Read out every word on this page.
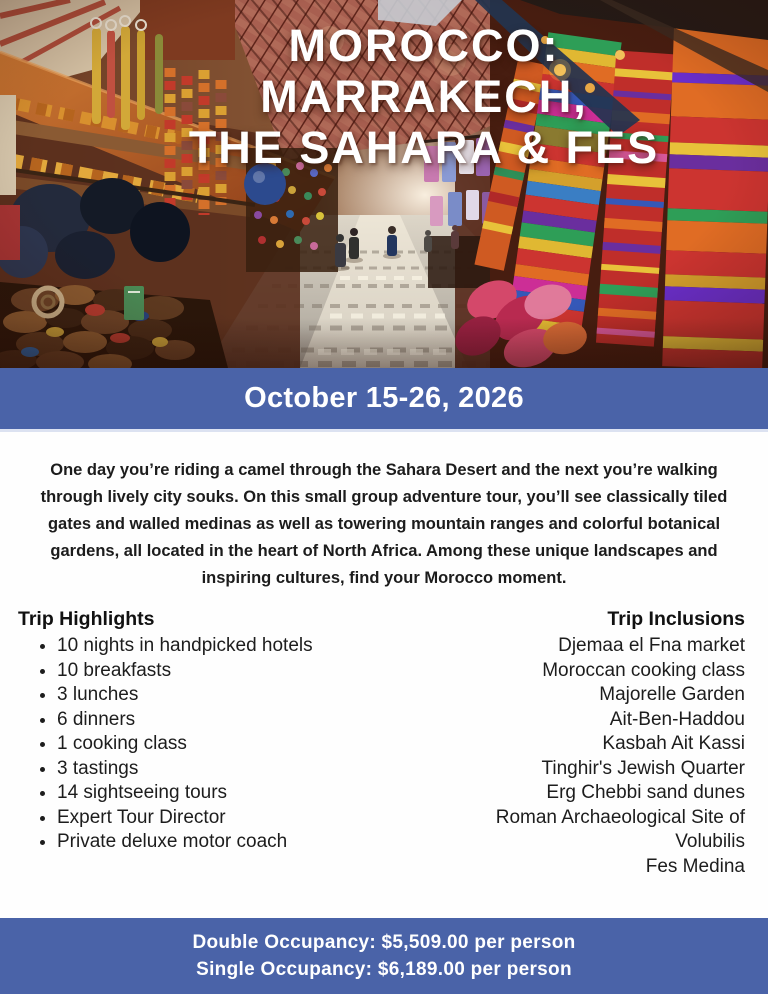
MOROCCO:
MARRAKECH,
THE SAHARA & FES
October 15-26, 2026

One day you’re riding a camel through the Sahara Desert and the next you’re walking through lively city souks. On this small group adventure tour, you’ll see classically tiled gates and walled medinas as well as towering mountain ranges and colorful botanical gardens, all located in the heart of North Africa. Among these unique landscapes and inspiring cultures, find your Morocco moment.

Trip Highlights
• 10 nights in handpicked hotels
• 10 breakfasts
• 3 lunches
• 6 dinners
• 1 cooking class
• 3 tastings
• 14 sightseeing tours
• Expert Tour Director
• Private deluxe motor coach
Trip Inclusions
Djemaa el Fna market
Moroccan cooking class
Majorelle Garden
Ait-Ben-Haddou
Kasbah Ait Kassi
Tinghir's Jewish Quarter
Erg Chebbi sand dunes
Roman Archaeological Site of Volubilis
Fes Medina
Double Occupancy: $5,509.00 per person
Single Occupancy: $6,189.00 per person
